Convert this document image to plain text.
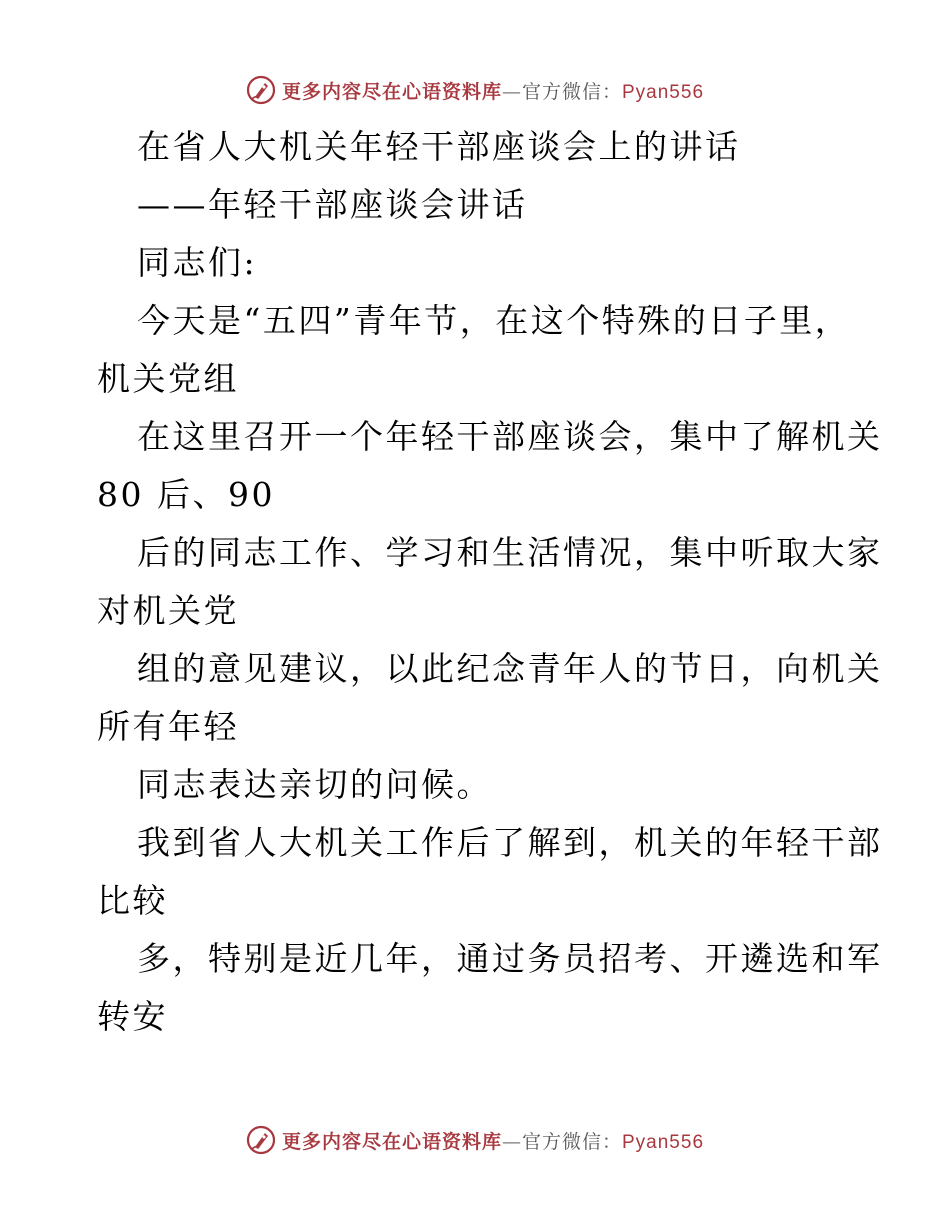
更多内容尽在心语资料库—官方微信：Pyan556
在省人大机关年轻干部座谈会上的讲话
——年轻干部座谈会讲话
同志们:
今天是“五四”青年节，在这个特殊的日子里，
机关党组
在这里召开一个年轻干部座谈会，集中了解机关
80 后、90
后的同志工作、学习和生活情况，集中听取大家
对机关党
组的意见建议，以此纪念青年人的节日，向机关
所有年轻
同志表达亲切的问候。
我到省人大机关工作后了解到，机关的年轻干部
比较
多，特别是近几年，通过务员招考、开遴选和军
转安
更多内容尽在心语资料库—官方微信：Pyan556
